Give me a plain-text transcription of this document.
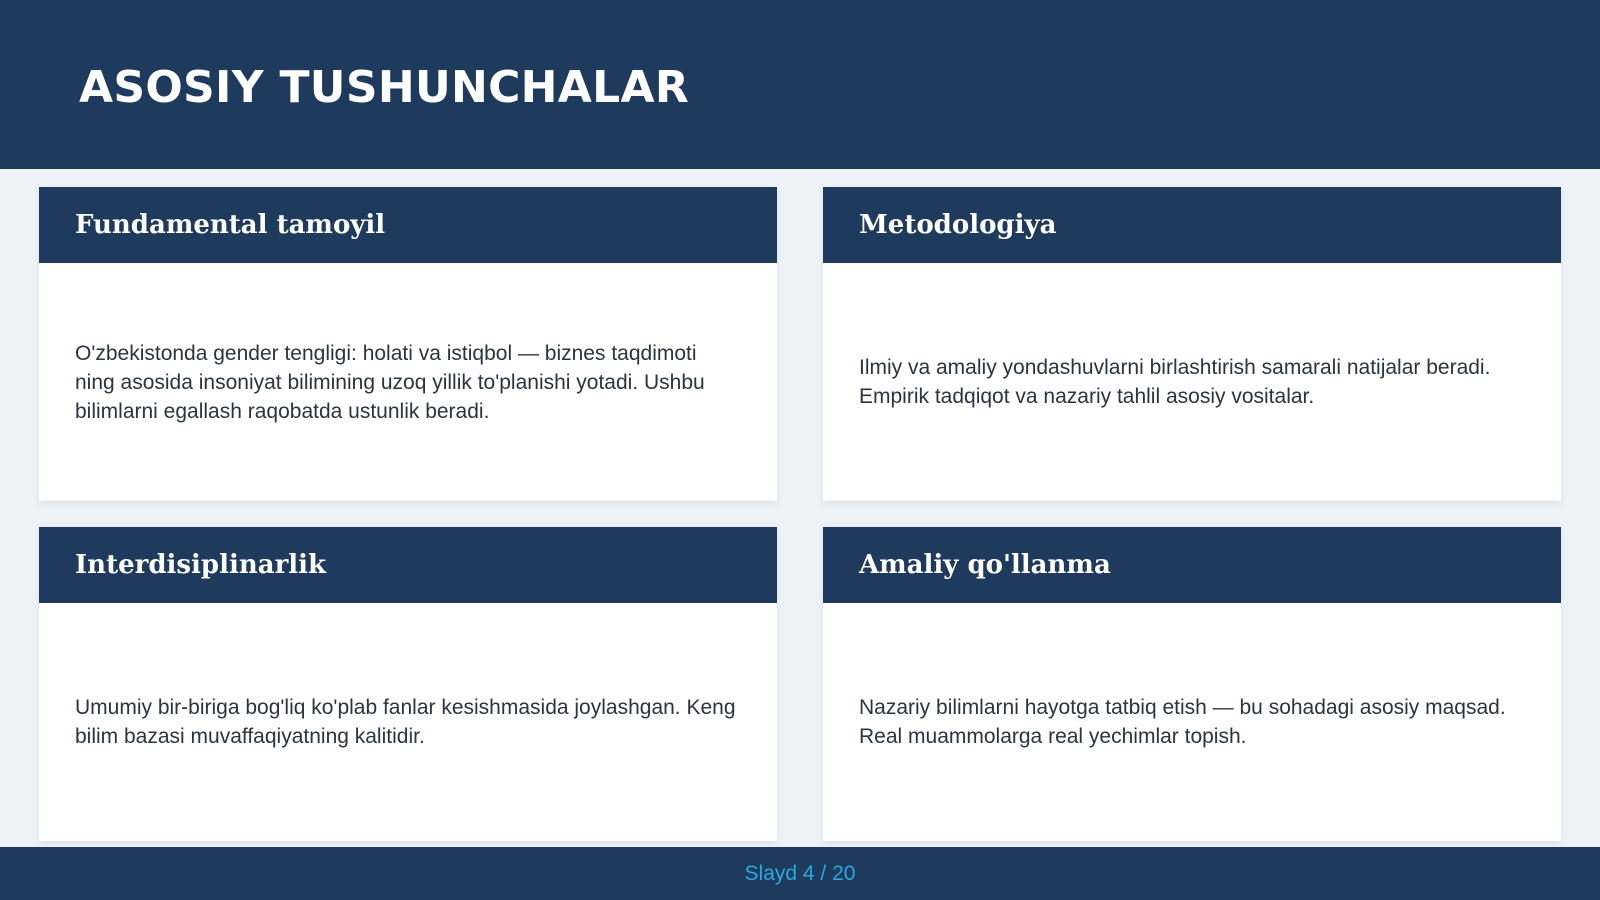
ASOSIY TUSHUNCHALAR
Fundamental tamoyil

O'zbekistonda gender tengligi: holati va istiqbol — biznes taqdimoti ning asosida insoniyat bilimining uzoq yillik to'planishi yotadi. Ushbu bilimlarni egallash raqobatda ustunlik beradi.

Metodologiya

Ilmiy va amaliy yondashuvlarni birlashtirish samarali natijalar beradi. Empirik tadqiqot va nazariy tahlil asosiy vositalar.

Interdisiplinarlik

Umumiy bir-biriga bog'liq ko'plab fanlar kesishmasida joylashgan. Keng bilim bazasi muvaffaqiyatning kalitidir.

Amaliy qo'llanma

Nazariy bilimlarni hayotga tatbiq etish — bu sohadagi asosiy maqsad. Real muammolarga real yechimlar topish.

Slayd 4 / 20
